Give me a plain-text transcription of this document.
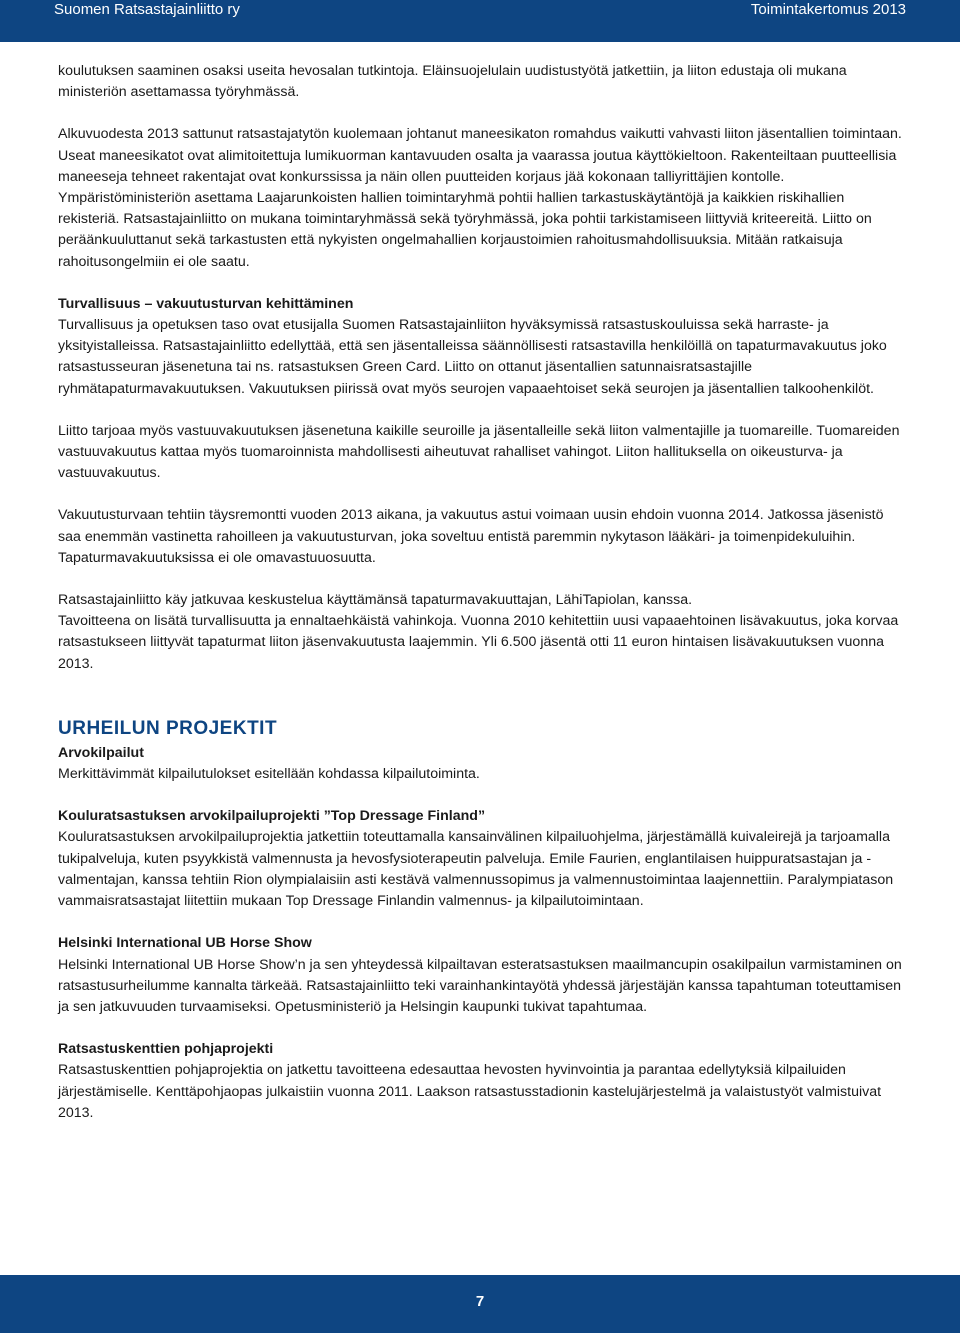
Suomen Ratsastajainliitto ry	Toimintakertomus 2013

koulutuksen saaminen osaksi useita hevosalan tutkintoja. Eläinsuojelulain uudistustyötä jatkettiin, ja liiton edustaja oli mukana ministeriön asettamassa työryhmässä.

Alkuvuodesta 2013 sattunut ratsastajatytön kuolemaan johtanut maneesikaton romahdus vaikutti vahvasti liiton jäsentallien toimintaan. Useat maneesikatot ovat alimitoitettuja lumikuorman kantavuuden osalta ja vaarassa joutua käyttökieltoon. Rakenteiltaan puutteellisia maneeseja tehneet rakentajat ovat konkurssissa ja näin ollen puutteiden korjaus jää kokonaan talliyrittäjien kontolle. Ympäristöministeriön asettama Laajarunkoisten hallien toimintaryhmä pohtii hallien tarkastuskäytäntöjä ja kaikkien riskihallien rekisteriä. Ratsastajainliitto on mukana toimintaryhmässä sekä työryhmässä, joka pohtii tarkistamiseen liittyviä kriteereitä. Liitto on peräänkuuluttanut sekä tarkastusten että nykyisten ongelmahallien korjaustoimien rahoitusmahdollisuuksia. Mitään ratkaisuja rahoitusongelmiin ei ole saatu.

Turvallisuus – vakuutusturvan kehittäminen

Turvallisuus ja opetuksen taso ovat etusijalla Suomen Ratsastajainliiton hyväksymissä ratsastuskouluissa sekä harraste- ja yksityistalleissa. Ratsastajainliitto edellyttää, että sen jäsentalleissa säännöllisesti ratsastavilla henkilöillä on tapaturmavakuutus joko ratsastusseuran jäsenetuna tai ns. ratsastuksen Green Card. Liitto on ottanut jäsentallien satunnaisratsastajille ryhmätapaturmavakuutuksen. Vakuutuksen piirissä ovat myös seurojen vapaaehtoiset sekä seurojen ja jäsentallien talkoohenkilöt.

Liitto tarjoaa myös vastuuvakuutuksen jäsenetuna kaikille seuroille ja jäsentalleille sekä liiton valmentajille ja tuomareille. Tuomareiden vastuuvakuutus kattaa myös tuomaroinnista mahdollisesti aiheutuvat rahalliset vahingot. Liiton hallituksella on oikeusturva- ja vastuuvakuutus.

Vakuutusturvaan tehtiin täysremontti vuoden 2013 aikana, ja vakuutus astui voimaan uusin ehdoin vuonna 2014. Jatkossa jäsenistö saa enemmän vastinetta rahoilleen ja vakuutusturvan, joka soveltuu entistä paremmin nykytason lääkäri- ja toimenpidekuluihin. Tapaturmavakuutuksissa ei ole omavastuuosuutta.

Ratsastajainliitto käy jatkuvaa keskustelua käyttämänsä tapaturmavakuuttajan, LähiTapiolan, kanssa.

Tavoitteena on lisätä turvallisuutta ja ennaltaehkäistä vahinkoja. Vuonna 2010 kehitettiin uusi vapaaehtoinen lisävakuutus, joka korvaa ratsastukseen liittyvät tapaturmat liiton jäsenvakuutusta laajemmin. Yli 6.500 jäsentä otti 11 euron hintaisen lisävakuutuksen vuonna 2013.

URHEILUN PROJEKTIT

Arvokilpailut

Merkittävimmät kilpailutulokset esitellään kohdassa kilpailutoiminta.

Kouluratsastuksen arvokilpailuprojekti ”Top Dressage Finland”

Kouluratsastuksen arvokilpailuprojektia jatkettiin toteuttamalla kansainvälinen kilpailuohjelma, järjestämällä kuivaleirejä ja tarjoamalla tukipalveluja, kuten psyykkistä valmennusta ja hevosfysioterapeutin palveluja. Emile Faurien, englantilaisen huippuratsastajan ja -valmentajan, kanssa tehtiin Rion olympialaisiin asti kestävä valmennussopimus ja valmennustoimintaa laajennettiin. Paralympiatason vammaisratsastajat liitettiin mukaan Top Dressage Finlandin valmennus- ja kilpailutoimintaan.

Helsinki International UB Horse Show

Helsinki International UB Horse Show’n ja sen yhteydessä kilpailtavan esteratsastuksen maailmancupin osakilpailun varmistaminen on ratsastusurheilumme kannalta tärkeää. Ratsastajainliitto teki varainhankintayötä yhdessä järjestäjän kanssa tapahtuman toteuttamisen ja sen jatkuvuuden turvaamiseksi. Opetusministeriö ja Helsingin kaupunki tukivat tapahtumaa.

Ratsastuskenttien pohjaprojekti

Ratsastuskenttien pohjaprojektia on jatkettu tavoitteena edesauttaa hevosten hyvinvointia ja parantaa edellytyksiä kilpailuiden järjestämiselle. Kenttäpohjaopas julkaistiin vuonna 2011. Laakson ratsastusstadionin kastelujärjestelmä ja valaistustyöt valmistuivat 2013.

7
